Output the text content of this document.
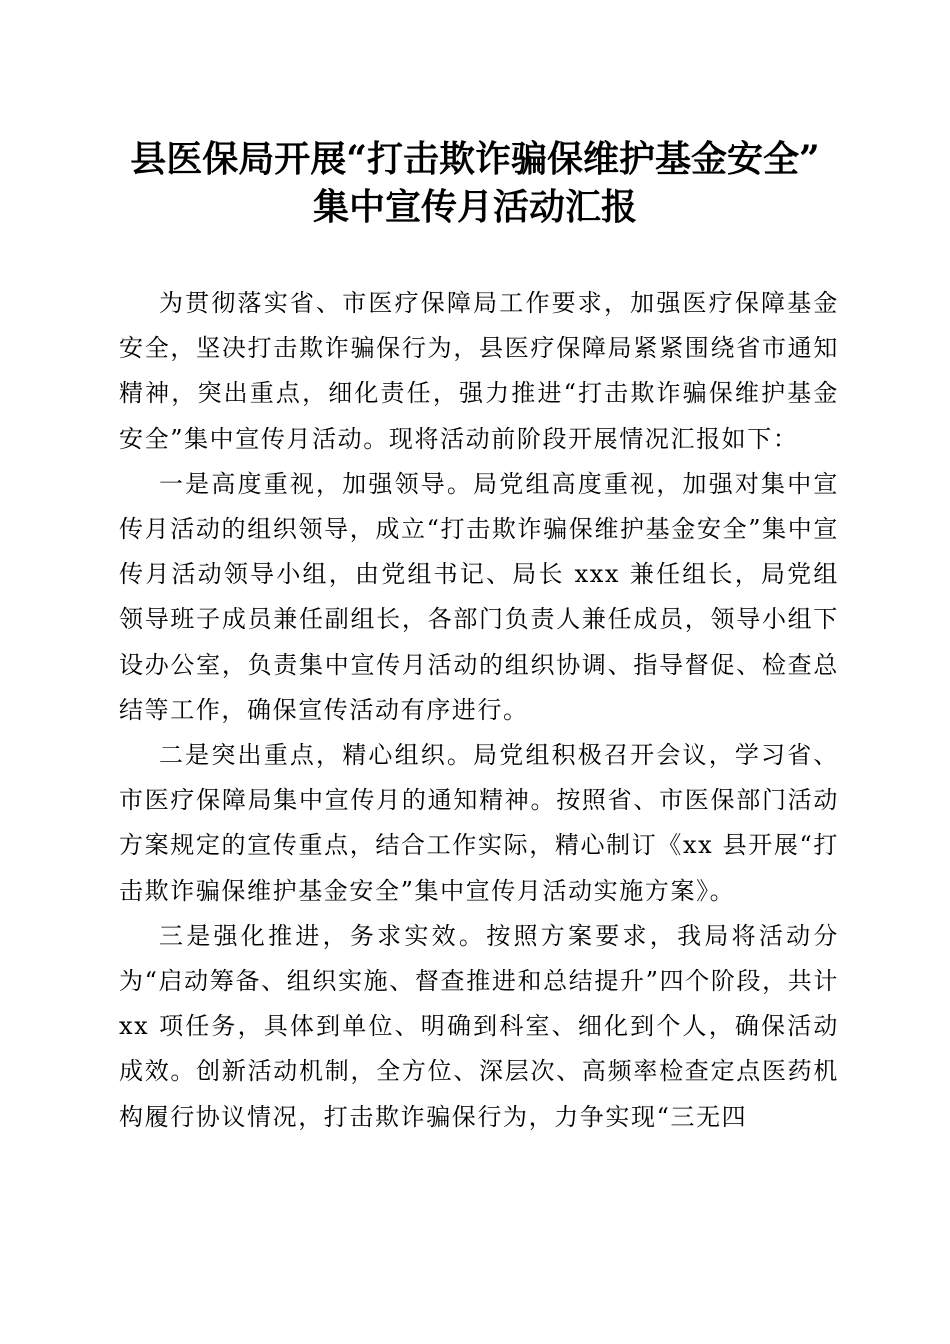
县医保局开展“打击欺诈骗保维护基金安全”
集中宣传月活动汇报

为贯彻落实省、市医疗保障局工作要求，加强医疗保障基金安全，坚决打击欺诈骗保行为，县医疗保障局紧紧围绕省市通知精神，突出重点，细化责任，强力推进“打击欺诈骗保维护基金安全”集中宣传月活动。现将活动前阶段开展情况汇报如下：

一是高度重视，加强领导。局党组高度重视，加强对集中宣传月活动的组织领导，成立“打击欺诈骗保维护基金安全”集中宣传月活动领导小组，由党组书记、局长 xxx 兼任组长，局党组领导班子成员兼任副组长，各部门负责人兼任成员，领导小组下设办公室，负责集中宣传月活动的组织协调、指导督促、检查总结等工作，确保宣传活动有序进行。

二是突出重点，精心组织。局党组积极召开会议，学习省、市医疗保障局集中宣传月的通知精神。按照省、市医保部门活动方案规定的宣传重点，结合工作实际，精心制订《xx 县开展“打击欺诈骗保维护基金安全”集中宣传月活动实施方案》。

三是强化推进，务求实效。按照方案要求，我局将活动分为“启动筹备、组织实施、督查推进和总结提升”四个阶段，共计 xx 项任务，具体到单位、明确到科室、细化到个人，确保活动成效。创新活动机制，全方位、深层次、高频率检查定点医药机构履行协议情况，打击欺诈骗保行为，力争实现“三无四
